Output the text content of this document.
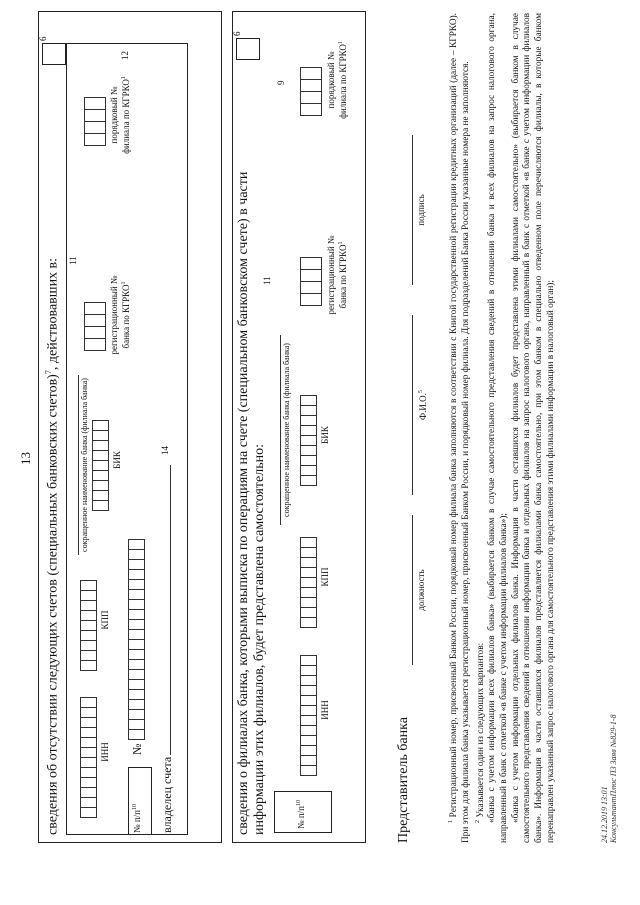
13 сведения об отсутствии следующих счетов (специальных банковских счетов)$^7$, действовавших в:
6
11
12
ИНН
КПП
сокращенное наименование банка (филиала банка)	БИК
регистрационный № банка по КГРКО$^1$
порядковый № филиала по КГРКО$^1$
№
№ $п/п^{10}$	владелец счета
14	сведения о филиалах банка, которыми выписка по операциям на счете (специальном банковском счете) в части информации этих филиалов, будет представлена самостоятельно:
6
11
9
№ $п/п^{10}$
ИНН
КПП
сокращенное наименование банка (филиала банка)	БИК
регистрационный № банка по КГРКО$^1$
порядковый № филиала по КГРКО$^1$
Представитель банка
должность
Ф.И.О.$^5$
подпись

$^1$ Регистрационный номер, присвоенный Банком России, порядковый номер филиала банка заполняются в соответствии с Книгой государственной регистрации кредитных организаций (далее – КГРКО). При этом для филиала банка указывается регистрационный номер, присвоенный Банком России, и порядковый номер филиала. Для подразделений Банка России указанные номера не заполняются. $^2$ Указывается один из следующих вариантов: «банка с учетом информации всех филиалов банка» (выбирается банком в случае самостоятельного представления сведений в отношении банка и всех филиалов на запрос налогового органа, направленный в банк с отметкой «в банке с учетом информации филиалов банка»); «банка с учетом информации отдельных филиалов банка. Информация в части оставшихся филиалов будет представлена этими филиалами самостоятельно» (выбирается банком в случае самостоятельного представления сведений в отношении информации банка и отдельных филиалов на запрос налогового органа, направленный в банк с отметкой «в банке с учетом информации филиалов банка». Информация в части оставшихся филиалов представляется филиалами банка самостоятельно, при этом банком в специально отведенном поле перечисляются филиалы, в которые банком перенаправлен указанный запрос налогового органа для самостоятельного представления этими филиалами информации в налоговый орган);	24.12.2019 13:01 КонсультантПлюс ПЗ Заяв №829-1-8
